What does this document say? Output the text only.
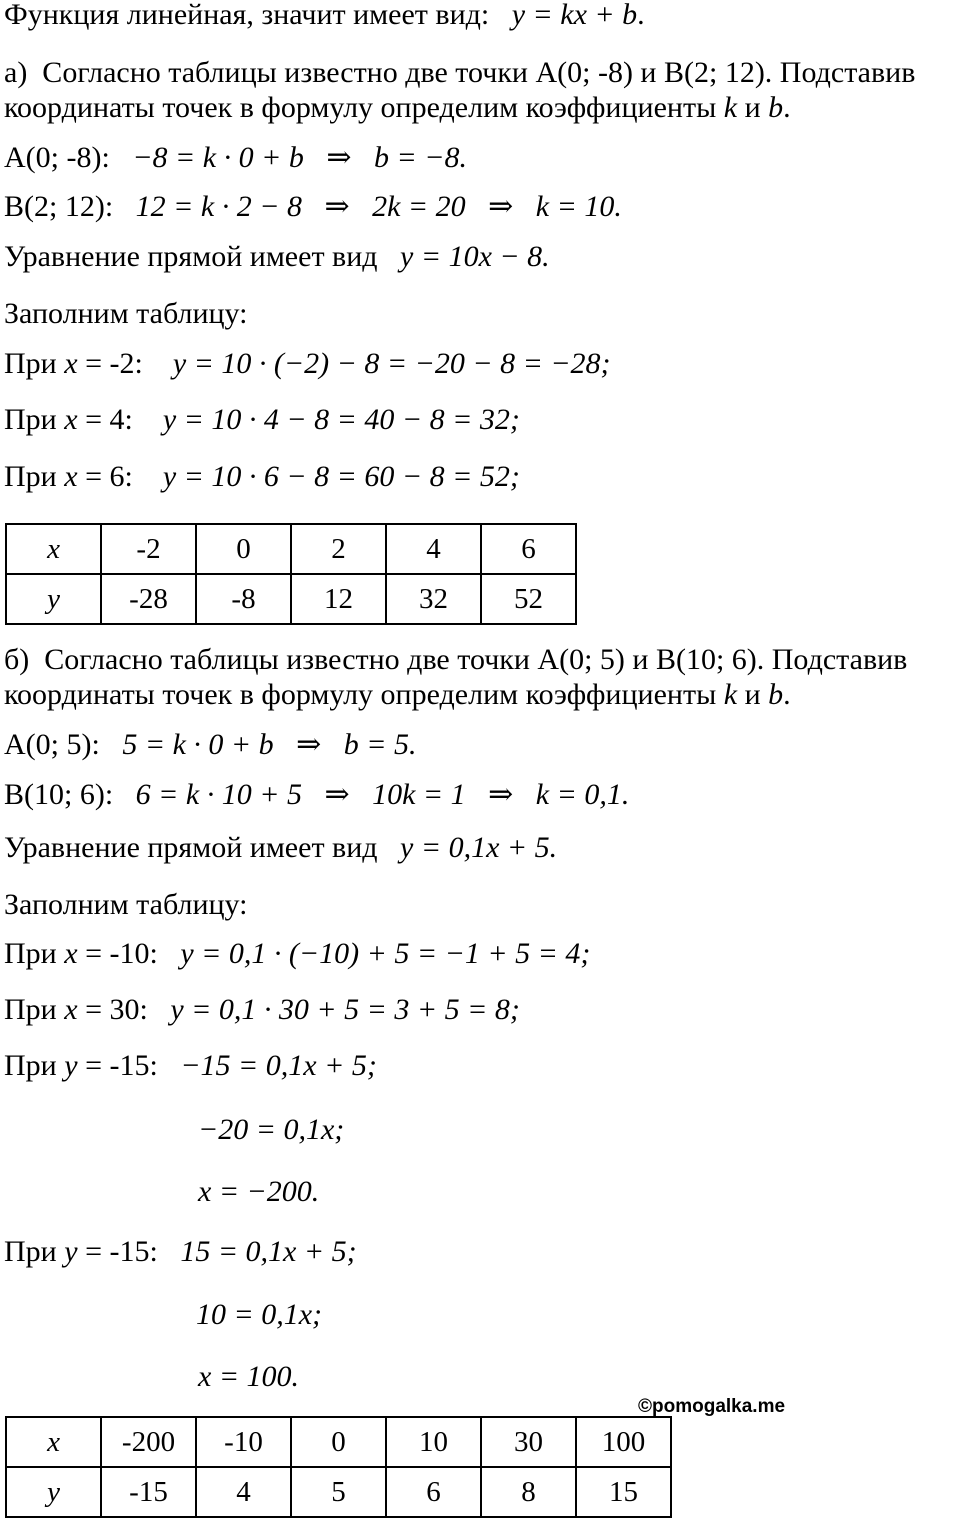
Функция линейная, значит имеет вид: y = kx + b.
а)  Согласно таблицы известно две точки A(0; -8) и B(2; 12). Подставив
координаты точек в формулу определим коэффициенты k и b.
A(0; -8): −8 = k · 0 + b   ⇒   b = −8.
B(2; 12): 12 = k · 2 − 8   ⇒   2k = 20   ⇒   k = 10.
Уравнение прямой имеет вид y = 10x − 8.
Заполним таблицу:
При x = -2: y = 10 · (−2) − 8 = −20 − 8 = −28;
При x = 4: y = 10 · 4 − 8 = 40 − 8 = 32;
При x = 6: y = 10 · 6 − 8 = 60 − 8 = 52;
x	-2	0	2	4	6
y	-28	-8	12	32	52
б)  Согласно таблицы известно две точки A(0; 5) и B(10; 6). Подставив
координаты точек в формулу определим коэффициенты k и b.
A(0; 5): 5 = k · 0 + b   ⇒   b = 5.
B(10; 6): 6 = k · 10 + 5   ⇒   10k = 1   ⇒   k = 0,1.
Уравнение прямой имеет вид y = 0,1x + 5.
Заполним таблицу:
При x = -10: y = 0,1 · (−10) + 5 = −1 + 5 = 4;
При x = 30: y = 0,1 · 30 + 5 = 3 + 5 = 8;
При y = -15: −15 = 0,1x + 5;
−20 = 0,1x;
x = −200.
При y = -15: 15 = 0,1x + 5;
10 = 0,1x;
x = 100.
©pomogalka.me
x	-200	-10	0	10	30	100
y	-15	4	5	6	8	15
